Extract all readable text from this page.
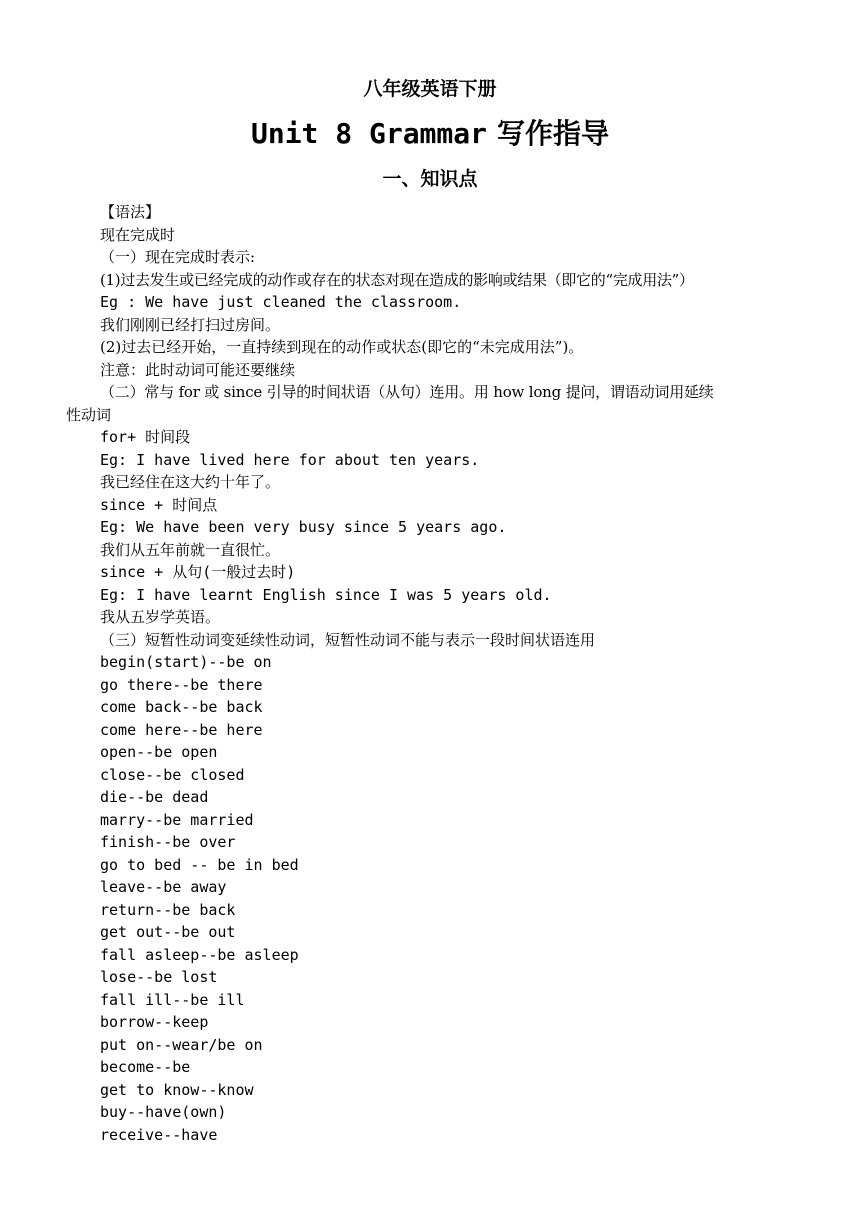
八年级英语下册
Unit 8 Grammar 写作指导
一、知识点
【语法】
现在完成时
（一）现在完成时表示:
(1)过去发生或已经完成的动作或存在的状态对现在造成的影响或结果（即它的“完成用法”）
Eg : We have just cleaned the classroom.
我们刚刚已经打扫过房间。
(2)过去已经开始，一直持续到现在的动作或状态(即它的“未完成用法”)。
注意：此时动词可能还要继续
（二）常与 for 或 since 引导的时间状语（从句）连用。用 how long 提问，谓语动词用延续
性动词
for+ 时间段
Eg: I have lived here for about ten years.
我已经住在这大约十年了。
since + 时间点
Eg: We have been very busy since 5 years ago.
我们从五年前就一直很忙。
since + 从句(一般过去时)
Eg: I have learnt English since I was 5 years old.
我从五岁学英语。
（三）短暂性动词变延续性动词，短暂性动词不能与表示一段时间状语连用
begin(start)--be on
go there--be there
come back--be back
come here--be here
open--be open
close--be closed
die--be dead
marry--be married
finish--be over
go to bed -- be in bed
leave--be away
return--be back
get out--be out
fall asleep--be asleep
lose--be lost
fall ill--be ill
borrow--keep
put on--wear/be on
become--be
get to know--know
buy--have(own)
receive--have
